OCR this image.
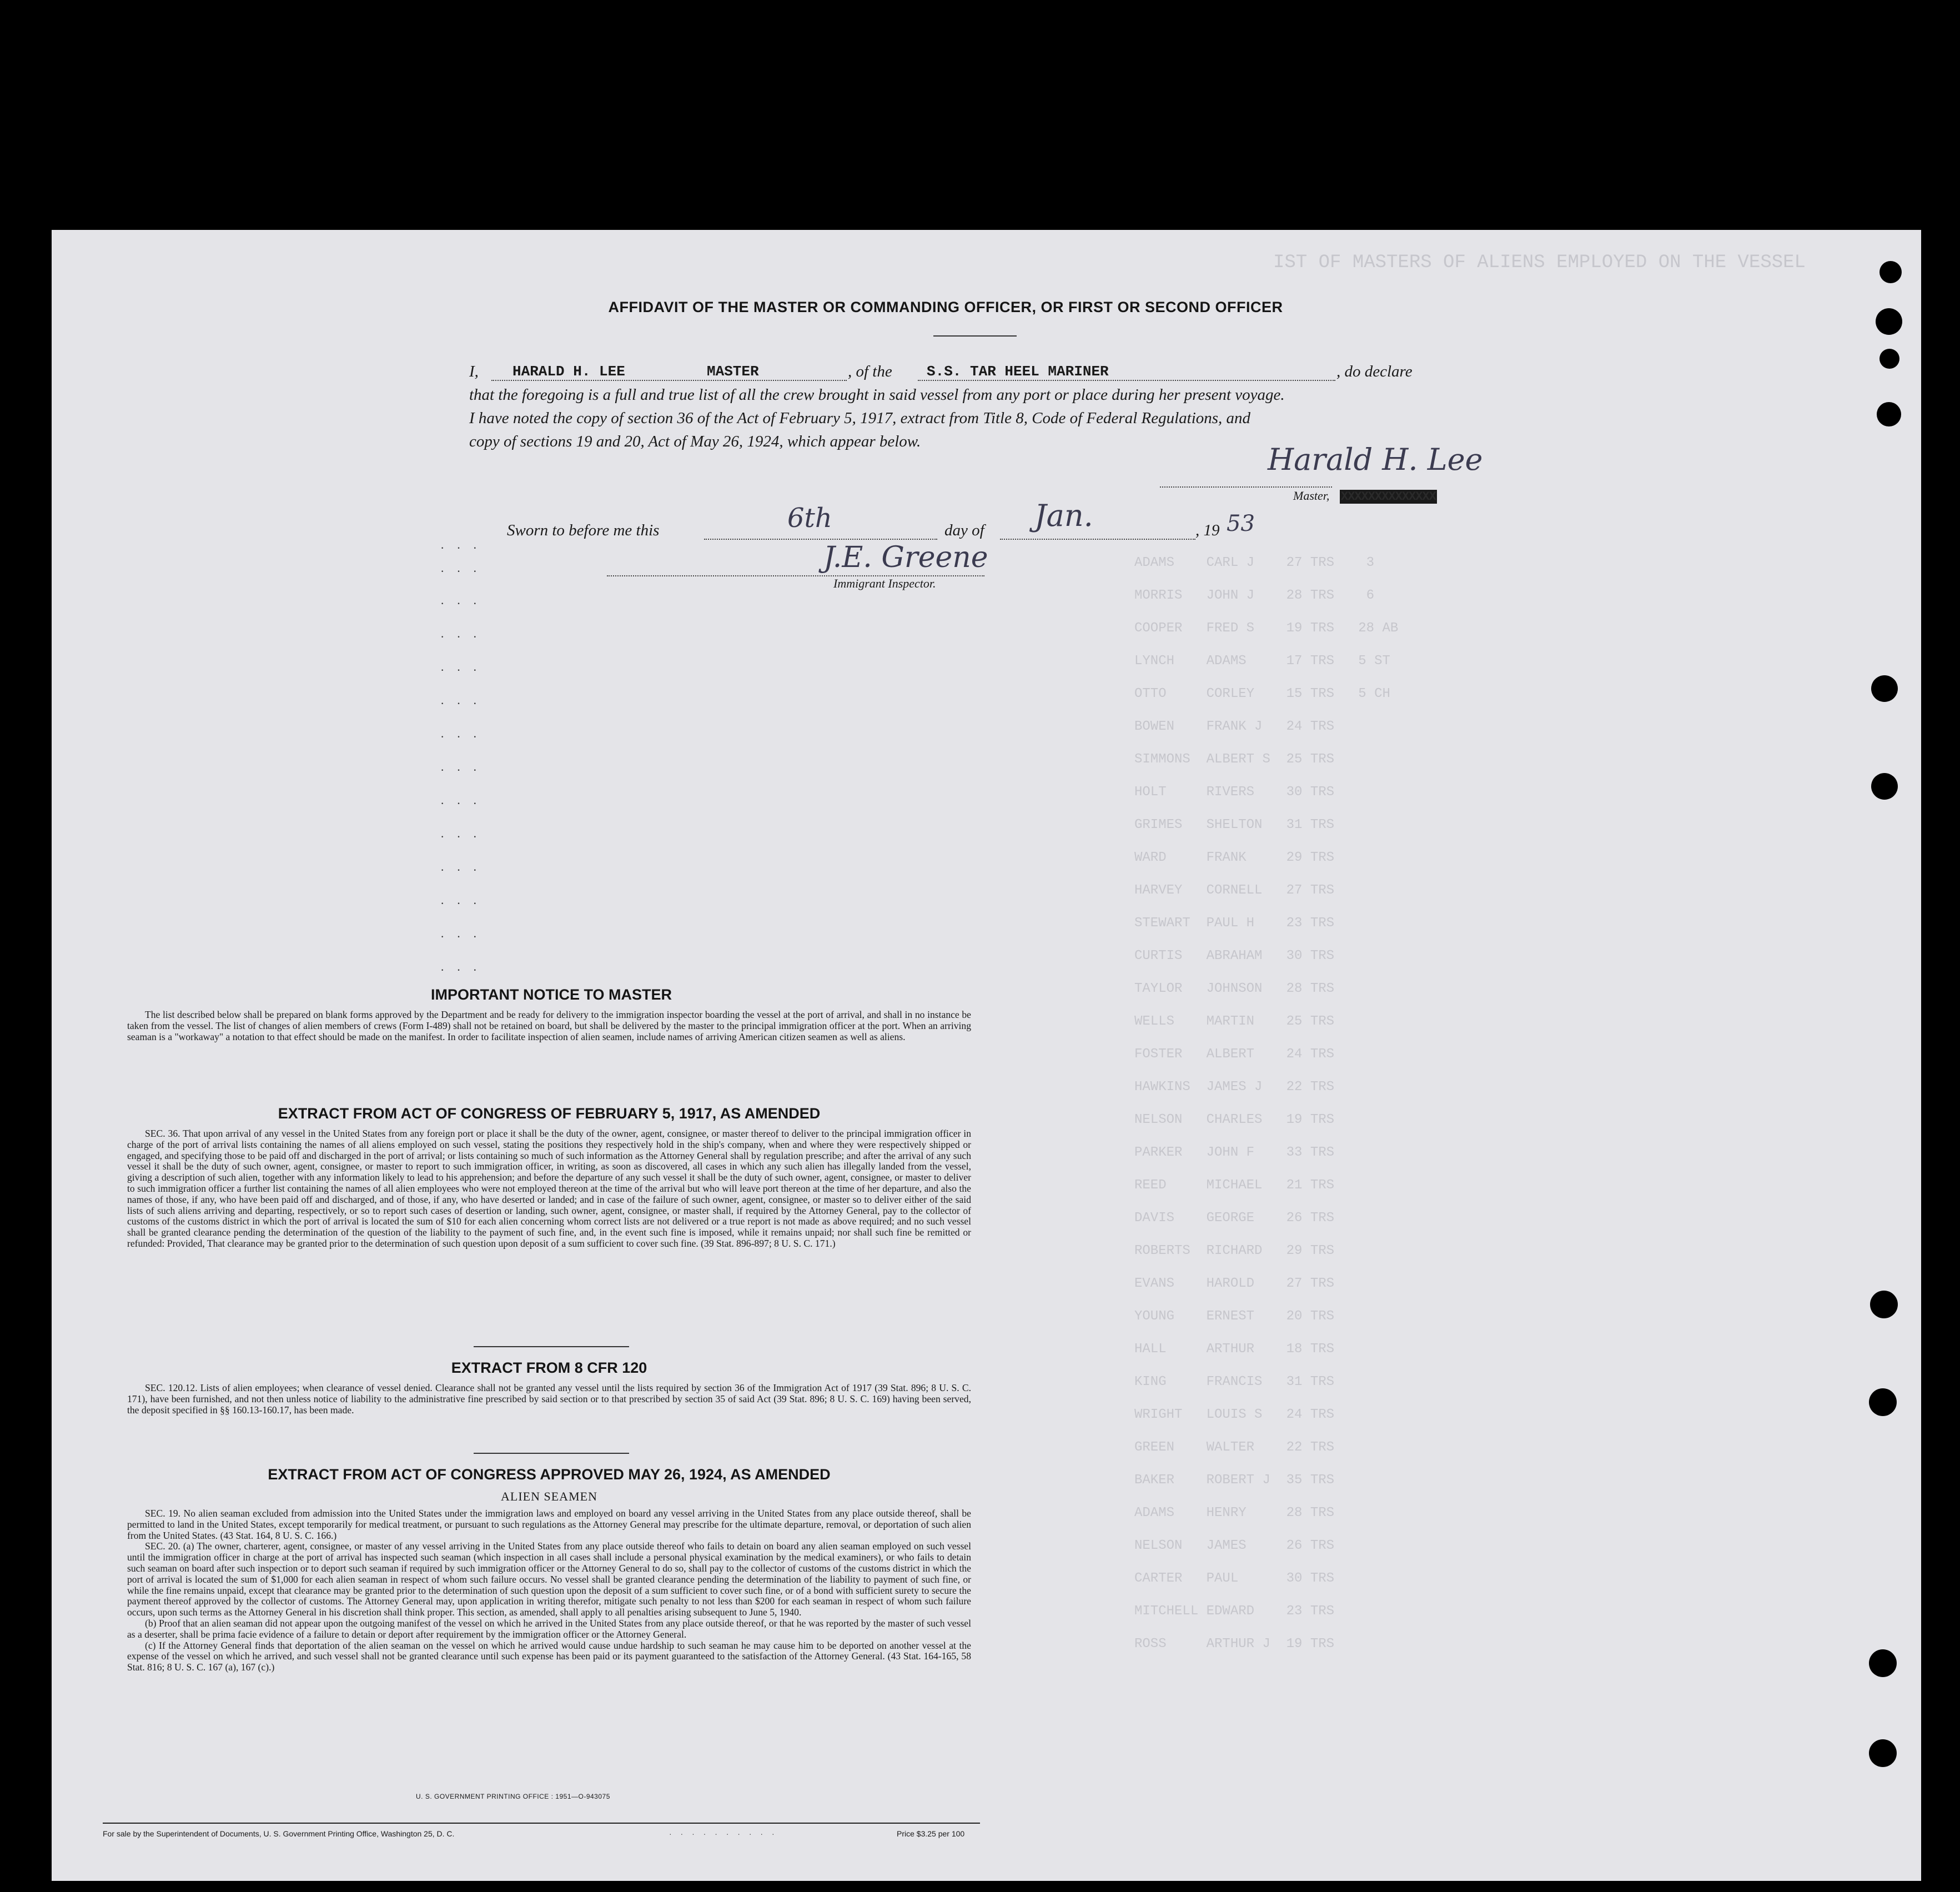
IST OF MASTERS OF ALIENS EMPLOYED ON THE VESSEL
ADAMS    CARL J    27 TRS    3
MORRIS   JOHN J    28 TRS    6
COOPER   FRED S    19 TRS   28 AB
LYNCH    ADAMS     17 TRS   5 ST
OTTO     CORLEY    15 TRS   5 CH
BOWEN    FRANK J   24 TRS
SIMMONS  ALBERT S  25 TRS
HOLT     RIVERS    30 TRS
GRIMES   SHELTON   31 TRS
WARD     FRANK     29 TRS
HARVEY   CORNELL   27 TRS
STEWART  PAUL H    23 TRS
CURTIS   ABRAHAM   30 TRS
TAYLOR   JOHNSON   28 TRS
WELLS    MARTIN    25 TRS
FOSTER   ALBERT    24 TRS
HAWKINS  JAMES J   22 TRS
NELSON   CHARLES   19 TRS
PARKER   JOHN F    33 TRS
REED     MICHAEL   21 TRS
DAVIS    GEORGE    26 TRS
ROBERTS  RICHARD   29 TRS
EVANS    HAROLD    27 TRS
YOUNG    ERNEST    20 TRS
HALL     ARTHUR    18 TRS
KING     FRANCIS   31 TRS
WRIGHT   LOUIS S   24 TRS
GREEN    WALTER    22 TRS
BAKER    ROBERT J  35 TRS
ADAMS    HENRY     28 TRS
NELSON   JAMES     26 TRS
CARTER   PAUL      30 TRS
MITCHELL EDWARD    23 TRS
ROSS     ARTHUR J  19 TRS
AFFIDAVIT OF THE MASTER OR COMMANDING OFFICER, OR FIRST OR SECOND OFFICER
I, HARALD H. LEE	MASTER	, of the S.S. TAR HEEL MARINER	, do declare
that the foregoing is a full and true list of all the crew brought in said vessel from any port or place during her present voyage.
I have noted the copy of section 36 of the Act of February 5, 1917, extract from Title 8, Code of Federal Regulations, and
copy of sections 19 and 20, Act of May 26, 1924, which appear below.
Harald H. Lee
Master, XXXXXXXXXXXXXX
Sworn to before me this	6th	day of Jan.	, 19 53
J.E. Greene
Immigrant Inspector.
···
···
···
···
···
···
···
···
···
···
···
···
···
···
IMPORTANT NOTICE TO MASTER

The list described below shall be prepared on blank forms approved by the Department and be ready for delivery to the immigration inspector boarding the vessel at the port of arrival, and shall in no instance be taken from the vessel. The list of changes of alien members of crews (Form I-489) shall not be retained on board, but shall be delivered by the master to the principal immigration officer at the port. When an arriving seaman is a "workaway" a notation to that effect should be made on the manifest. In order to facilitate inspection of alien seamen, include names of arriving American citizen seamen as well as aliens.

EXTRACT FROM ACT OF CONGRESS OF FEBRUARY 5, 1917, AS AMENDED

SEC. 36. That upon arrival of any vessel in the United States from any foreign port or place it shall be the duty of the owner, agent, consignee, or master thereof to deliver to the principal immigration officer in charge of the port of arrival lists containing the names of all aliens employed on such vessel, stating the positions they respectively hold in the ship's company, when and where they were respectively shipped or engaged, and specifying those to be paid off and discharged in the port of arrival; or lists containing so much of such information as the Attorney General shall by regulation prescribe; and after the arrival of any such vessel it shall be the duty of such owner, agent, consignee, or master to report to such immigration officer, in writing, as soon as discovered, all cases in which any such alien has illegally landed from the vessel, giving a description of such alien, together with any information likely to lead to his apprehension; and before the departure of any such vessel it shall be the duty of such owner, agent, consignee, or master to deliver to such immigration officer a further list containing the names of all alien employees who were not employed thereon at the time of the arrival but who will leave port thereon at the time of her departure, and also the names of those, if any, who have been paid off and discharged, and of those, if any, who have deserted or landed; and in case of the failure of such owner, agent, consignee, or master so to deliver either of the said lists of such aliens arriving and departing, respectively, or so to report such cases of desertion or landing, such owner, agent, consignee, or master shall, if required by the Attorney General, pay to the collector of customs of the customs district in which the port of arrival is located the sum of $10 for each alien concerning whom correct lists are not delivered or a true report is not made as above required; and no such vessel shall be granted clearance pending the determination of the question of the liability to the payment of such fine, and, in the event such fine is imposed, while it remains unpaid; nor shall such fine be remitted or refunded: Provided, That clearance may be granted prior to the determination of such question upon deposit of a sum sufficient to cover such fine. (39 Stat. 896-897; 8 U. S. C. 171.)

EXTRACT FROM 8 CFR 120

SEC. 120.12. Lists of alien employees; when clearance of vessel denied. Clearance shall not be granted any vessel until the lists required by section 36 of the Immigration Act of 1917 (39 Stat. 896; 8 U. S. C. 171), have been furnished, and not then unless notice of liability to the administrative fine prescribed by said section or to that prescribed by section 35 of said Act (39 Stat. 896; 8 U. S. C. 169) having been served, the deposit specified in §§ 160.13-160.17, has been made.

EXTRACT FROM ACT OF CONGRESS APPROVED MAY 26, 1924, AS AMENDED
ALIEN SEAMEN

SEC. 19. No alien seaman excluded from admission into the United States under the immigration laws and employed on board any vessel arriving in the United States from any place outside thereof, shall be permitted to land in the United States, except temporarily for medical treatment, or pursuant to such regulations as the Attorney General may prescribe for the ultimate departure, removal, or deportation of such alien from the United States. (43 Stat. 164, 8 U. S. C. 166.)

SEC. 20. (a) The owner, charterer, agent, consignee, or master of any vessel arriving in the United States from any place outside thereof who fails to detain on board any alien seaman employed on such vessel until the immigration officer in charge at the port of arrival has inspected such seaman (which inspection in all cases shall include a personal physical examination by the medical examiners), or who fails to detain such seaman on board after such inspection or to deport such seaman if required by such immigration officer or the Attorney General to do so, shall pay to the collector of customs of the customs district in which the port of arrival is located the sum of $1,000 for each alien seaman in respect of whom such failure occurs. No vessel shall be granted clearance pending the determination of the liability to payment of such fine, or while the fine remains unpaid, except that clearance may be granted prior to the determination of such question upon the deposit of a sum sufficient to cover such fine, or of a bond with sufficient surety to secure the payment thereof approved by the collector of customs. The Attorney General may, upon application in writing therefor, mitigate such penalty to not less than $200 for each seaman in respect of whom such failure occurs, upon such terms as the Attorney General in his discretion shall think proper. This section, as amended, shall apply to all penalties arising subsequent to June 5, 1940.

(b) Proof that an alien seaman did not appear upon the outgoing manifest of the vessel on which he arrived in the United States from any place outside thereof, or that he was reported by the master of such vessel as a deserter, shall be prima facie evidence of a failure to detain or deport after requirement by the immigration officer or the Attorney General.

(c) If the Attorney General finds that deportation of the alien seaman on the vessel on which he arrived would cause undue hardship to such seaman he may cause him to be deported on another vessel at the expense of the vessel on which he arrived, and such vessel shall not be granted clearance until such expense has been paid or its payment guaranteed to the satisfaction of the Attorney General. (43 Stat. 164-165, 58 Stat. 816; 8 U. S. C. 167 (a), 167 (c).)

U. S. GOVERNMENT PRINTING OFFICE : 1951—O-943075
For sale by the Superintendent of Documents, U. S. Government Printing Office, Washington 25, D. C.	· · · · · · · · · ·	Price $3.25 per 100
